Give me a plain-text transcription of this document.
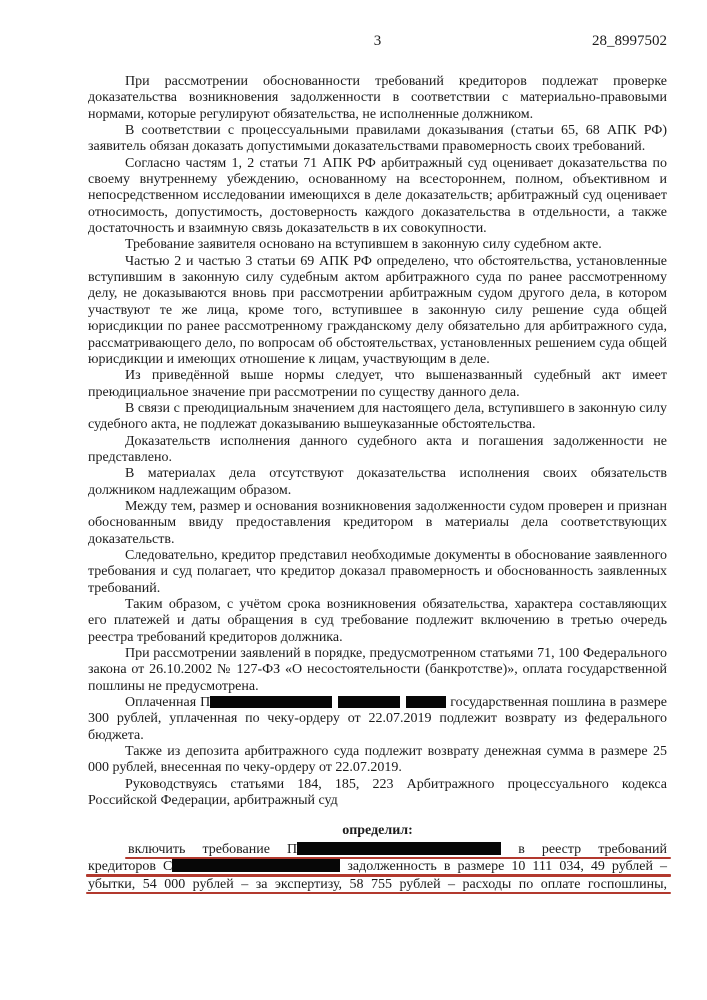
3	28_8997502

При рассмотрении обоснованности требований кредиторов подлежат проверке доказательства возникновения задолженности в соответствии с материально-правовыми нормами, которые регулируют обязательства, не исполненные должником.

В соответствии с процессуальными правилами доказывания (статьи 65, 68 АПК РФ) заявитель обязан доказать допустимыми доказательствами правомерность своих требований.

Согласно частям 1, 2 статьи 71 АПК РФ арбитражный суд оценивает доказательства по своему внутреннему убеждению, основанному на всестороннем, полном, объективном и непосредственном исследовании имеющихся в деле доказательств; арбитражный суд оценивает относимость, допустимость, достоверность каждого доказательства в отдельности, а также достаточность и взаимную связь доказательств в их совокупности.

Требование заявителя основано на вступившем в законную силу судебном акте.

Частью 2 и частью 3 статьи 69 АПК РФ определено, что обстоятельства, установленные вступившим в законную силу судебным актом арбитражного суда по ранее рассмотренному делу, не доказываются вновь при рассмотрении арбитражным судом другого дела, в котором участвуют те же лица, кроме того, вступившее в законную силу решение суда общей юрисдикции по ранее рассмотренному гражданскому делу обязательно для арбитражного суда, рассматривающего дело, по вопросам об обстоятельствах, установленных решением суда общей юрисдикции и имеющих отношение к лицам, участвующим в деле.

Из приведённой выше нормы следует, что вышеназванный судебный акт имеет преюдициальное значение при рассмотрении по существу данного дела.

В связи с преюдициальным значением для настоящего дела, вступившего в законную силу судебного акта, не подлежат доказыванию вышеуказанные обстоятельства.

Доказательств исполнения данного судебного акта и погашения задолженности не представлено.

В материалах дела отсутствуют доказательства исполнения своих обязательств должником надлежащим образом.

Между тем, размер и основания возникновения задолженности судом проверен и признан обоснованным ввиду предоставления кредитором в материалы дела соответствующих доказательств.

Следовательно, кредитор представил необходимые документы в обоснование заявленного требования и суд полагает, что кредитор доказал правомерность и обоснованность заявленных требований.

Таким образом, с учётом срока возникновения обязательства, характера составляющих его платежей и даты обращения в суд требование подлежит включению в третью очередь реестра требований кредиторов должника.

При рассмотрении заявлений в порядке, предусмотренном статьями 71, 100 Федерального закона от 26.10.2002 № 127-ФЗ «О несостоятельности (банкротстве)», оплата государственной пошлины не предусмотрена.

Оплаченная П	государственная пошлина в размере 300 рублей, уплаченная по чеку-ордеру от 22.07.2019 подлежит возврату из федерального бюджета.

Также из депозита арбитражного суда подлежит возврату денежная сумма в размере 25 000 рублей, внесенная по чеку-ордеру от 22.07.2019.

Руководствуясь статьями 184, 185, 223 Арбитражного процессуального кодекса Российской Федерации, арбитражный суд

определил:

включить требование П	в реестр требований
кредиторов С	задолженность в размере 10 111 034, 49 рублей –
убытки, 54 000 рублей – за экспертизу, 58 755 рублей – расходы по оплате госпошлины,
